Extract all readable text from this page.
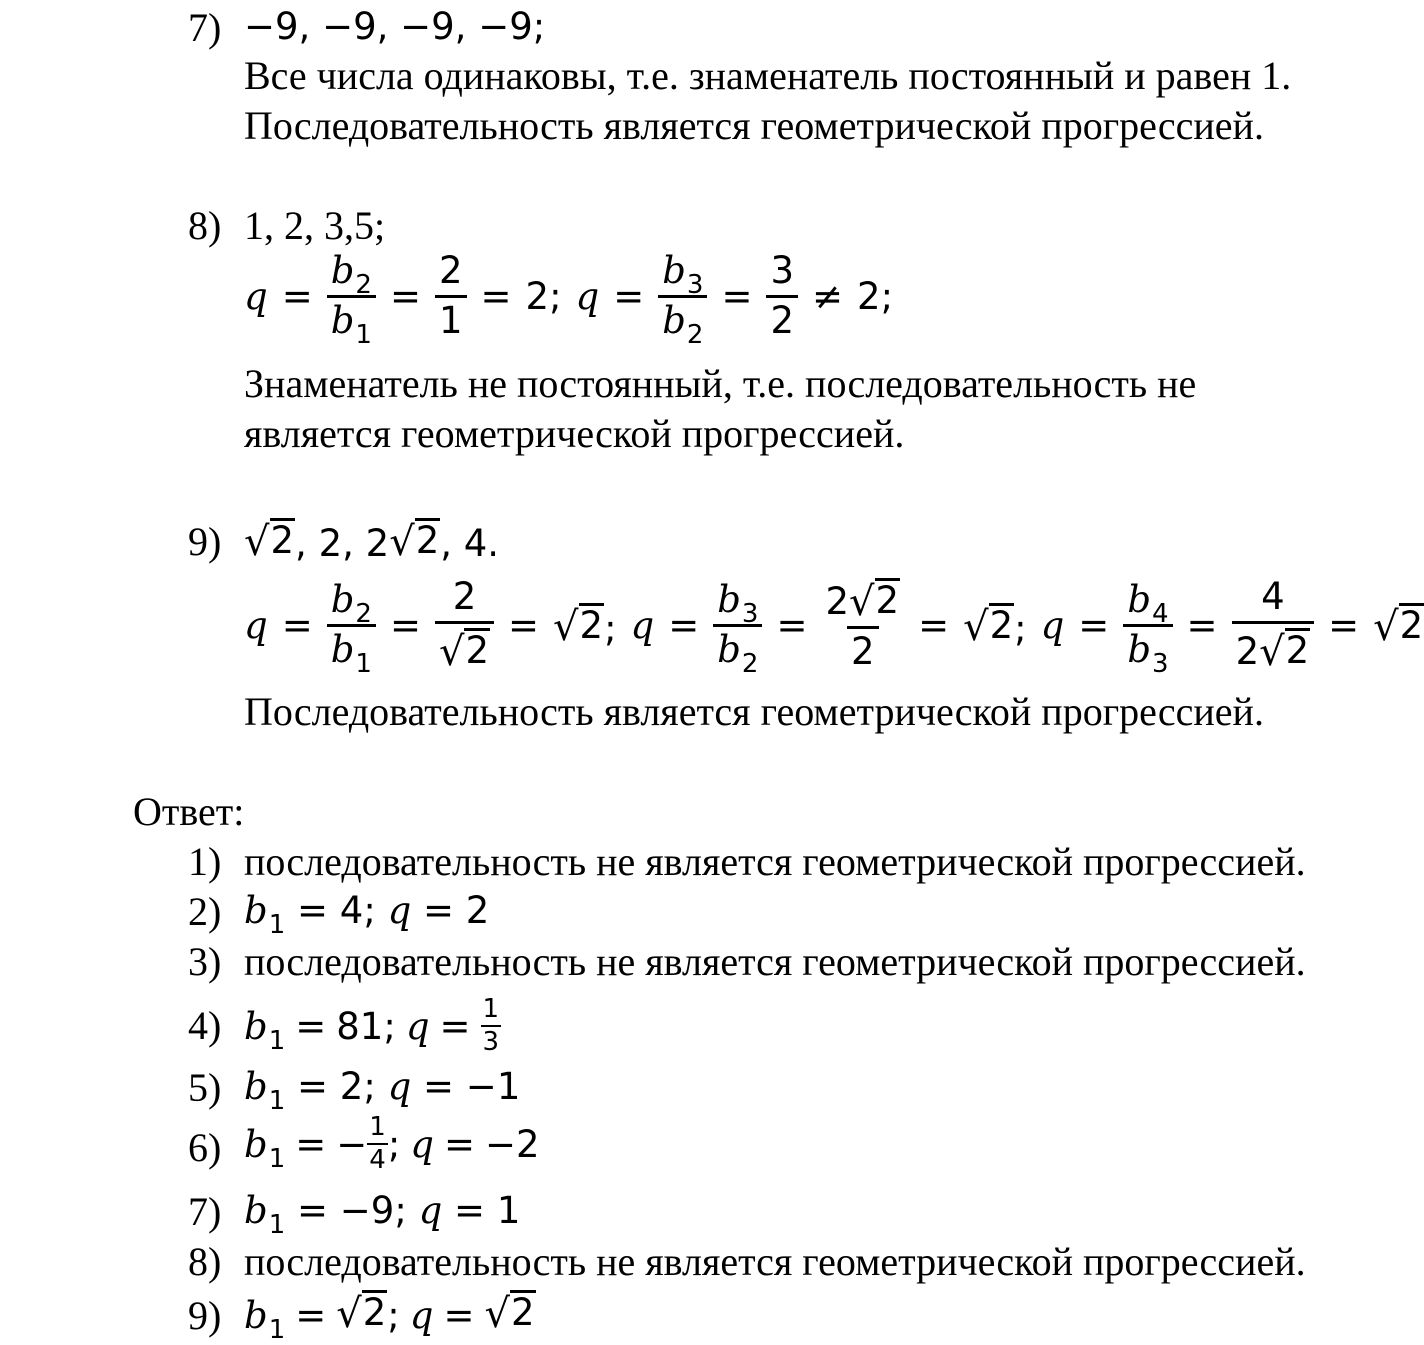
7) −9, −9, −9, −9;
Все числа одинаковы, т.е. знаменатель постоянный и равен 1.
Последовательность является геометрической прогрессией.
8) 1, 2, 3,5;
$q = \frac{b_2}{b_1} = \frac{2}{1} = 2$; $q = \frac{b_3}{b_2} = \frac{3}{2} \ne 2$;
Знаменатель не постоянный, т.е. последовательность не
является геометрической прогрессией.
9) √ 2 , 2, 2 √ 2 , 4.
$q = \frac{b_2}{b_1} = \frac{2}{√ 2}$ = √ 2 ; $q = \frac{b_3}{b_2} = \frac{2 √ 2}{2}$ = √ 2 ; $q = \frac{b_4}{b_3} = \frac{4}{2 √ 2}$ = √ 2
Последовательность является геометрической прогрессией.
Ответ:
1) последовательность не является геометрической прогрессией.
2) $b_1 = 4$; q = 2
3) последовательность не является геометрической прогрессией.
4) $b_1 = 81$; $q = \frac{1}{3}$
5) $b_1 = 2$; q = −1
6) $b_1$ = − $\frac{1}{4}$ ; q = −2
7) $b_1 = -9$; q = 1
8) последовательность не является геометрической прогрессией.
9) $b_1$ = √ 2 ; q = √ 2
